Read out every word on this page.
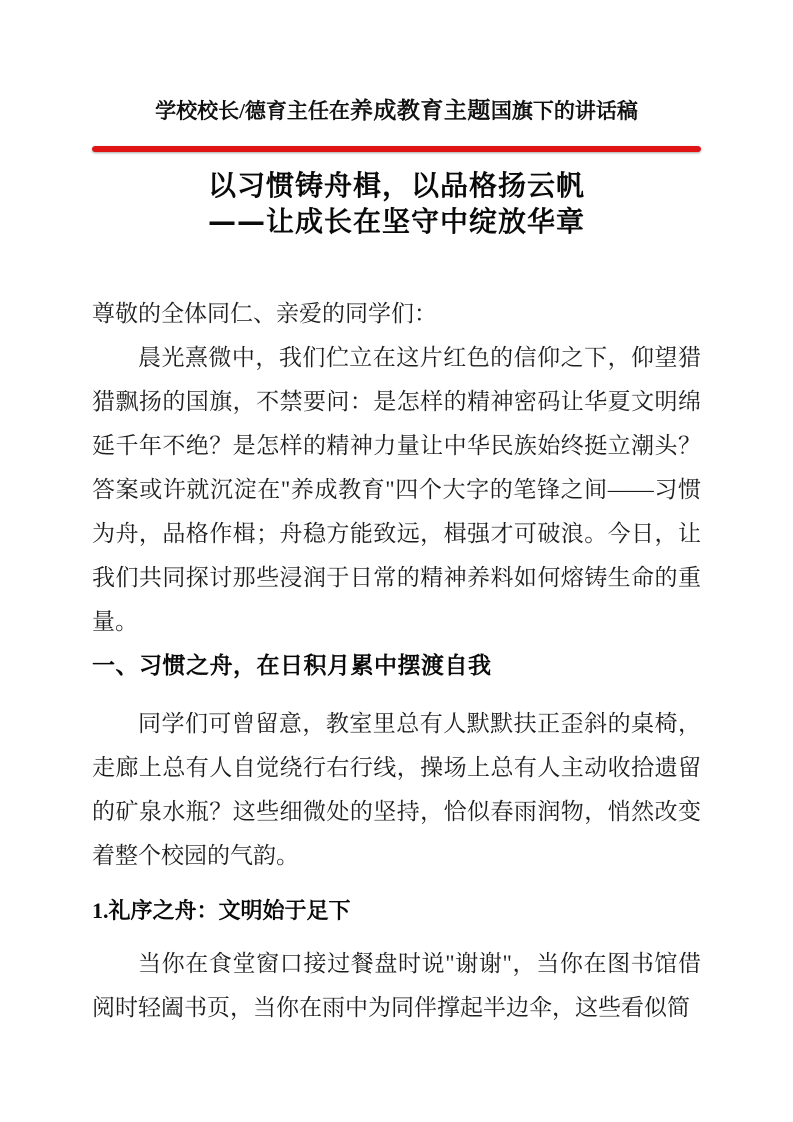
学校校长/德育主任在养成教育主题国旗下的讲话稿
以习惯铸舟楫，以品格扬云帆
——让成长在坚守中绽放华章

尊敬的全体同仁、亲爱的同学们：

晨光熹微中，我们伫立在这片红色的信仰之下，仰望猎猎飘扬的国旗，不禁要问：是怎样的精神密码让华夏文明绵延千年不绝？是怎样的精神力量让中华民族始终挺立潮头？答案或许就沉淀在"养成教育"四个大字的笔锋之间——习惯为舟，品格作楫；舟稳方能致远，楫强才可破浪。今日，让我们共同探讨那些浸润于日常的精神养料如何熔铸生命的重量。

一、习惯之舟，在日积月累中摆渡自我

同学们可曾留意，教室里总有人默默扶正歪斜的桌椅，走廊上总有人自觉绕行右行线，操场上总有人主动收拾遗留的矿泉水瓶？这些细微处的坚持，恰似春雨润物，悄然改变着整个校园的气韵。

1.礼序之舟：文明始于足下

当你在食堂窗口接过餐盘时说"谢谢"，当你在图书馆借阅时轻阖书页，当你在雨中为同伴撑起半边伞，这些看似简
